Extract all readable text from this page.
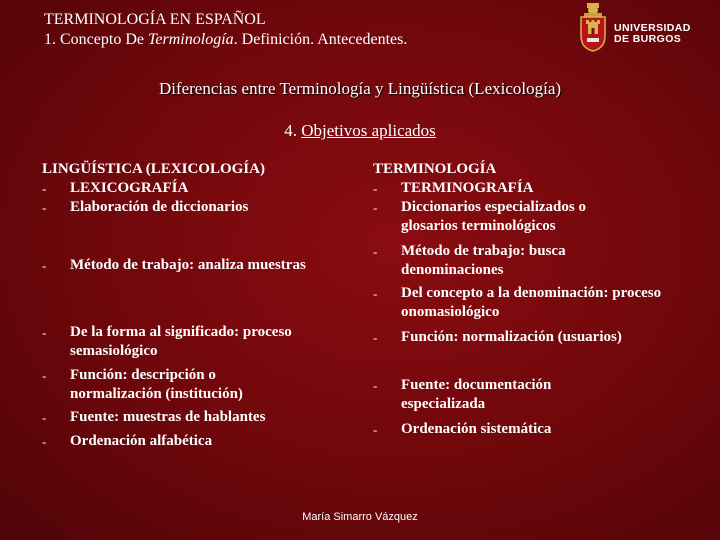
TERMINOLOGÍA EN ESPAÑOL
1. Concepto De Terminología. Definición. Antecedentes.
UNIVERSIDAD
DE BURGOS
Diferencias entre Terminología y Lingüística (Lexicología)
4. Objetivos aplicados
LINGÜÍSTICA (LEXICOLOGÍA)
- LEXICOGRAFÍA
- Elaboración de diccionarios
- Método de trabajo: analiza muestras
- De la forma al significado: proceso semasiológico
- Función: descripción o normalización (institución)
- Fuente: muestras de hablantes
- Ordenación alfabética
TERMINOLOGÍA
- TERMINOGRAFÍA
- Diccionarios especializados o glosarios terminológicos
- Método de trabajo: busca denominaciones
- Del concepto a la denominación: proceso onomasiológico
- Función: normalización (usuarios)
- Fuente: documentación especializada
- Ordenación sistemática
María Simarro Vázquez
